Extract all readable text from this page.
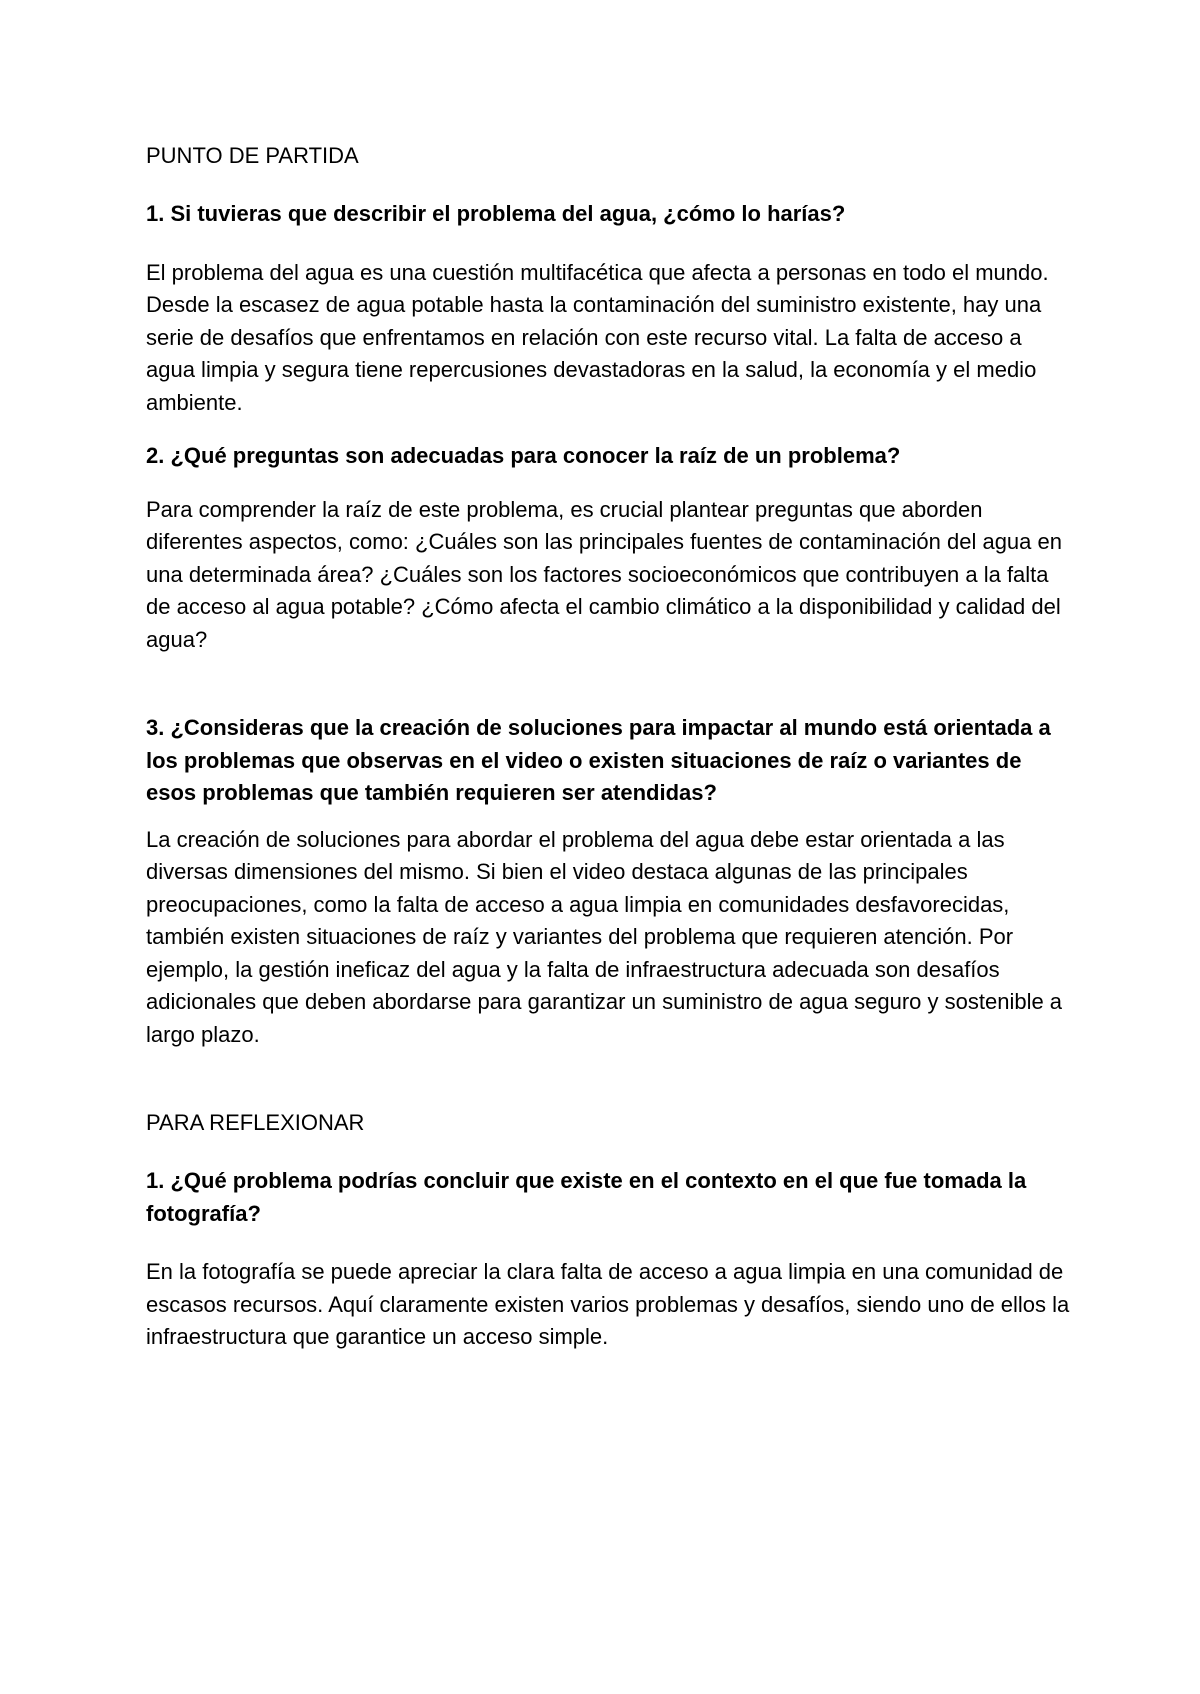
PUNTO DE PARTIDA

1. Si tuvieras que describir el problema del agua, ¿cómo lo harías?

El problema del agua es una cuestión multifacética que afecta a personas en todo el mundo. Desde la escasez de agua potable hasta la contaminación del suministro existente, hay una serie de desafíos que enfrentamos en relación con este recurso vital. La falta de acceso a agua limpia y segura tiene repercusiones devastadoras en la salud, la economía y el medio ambiente.

2. ¿Qué preguntas son adecuadas para conocer la raíz de un problema?

Para comprender la raíz de este problema, es crucial plantear preguntas que aborden diferentes aspectos, como: ¿Cuáles son las principales fuentes de contaminación del agua en una determinada área? ¿Cuáles son los factores socioeconómicos que contribuyen a la falta de acceso al agua potable? ¿Cómo afecta el cambio climático a la disponibilidad y calidad del agua?

3. ¿Consideras que la creación de soluciones para impactar al mundo está orientada a los problemas que observas en el video o existen situaciones de raíz o variantes de esos problemas que también requieren ser atendidas?

La creación de soluciones para abordar el problema del agua debe estar orientada a las diversas dimensiones del mismo. Si bien el video destaca algunas de las principales preocupaciones, como la falta de acceso a agua limpia en comunidades desfavorecidas, también existen situaciones de raíz y variantes del problema que requieren atención. Por ejemplo, la gestión ineficaz del agua y la falta de infraestructura adecuada son desafíos adicionales que deben abordarse para garantizar un suministro de agua seguro y sostenible a largo plazo.

PARA REFLEXIONAR

1. ¿Qué problema podrías concluir que existe en el contexto en el que fue tomada la fotografía?

En la fotografía se puede apreciar la clara falta de acceso a agua limpia en una comunidad de escasos recursos. Aquí claramente existen varios problemas y desafíos, siendo uno de ellos la infraestructura que garantice un acceso simple.
